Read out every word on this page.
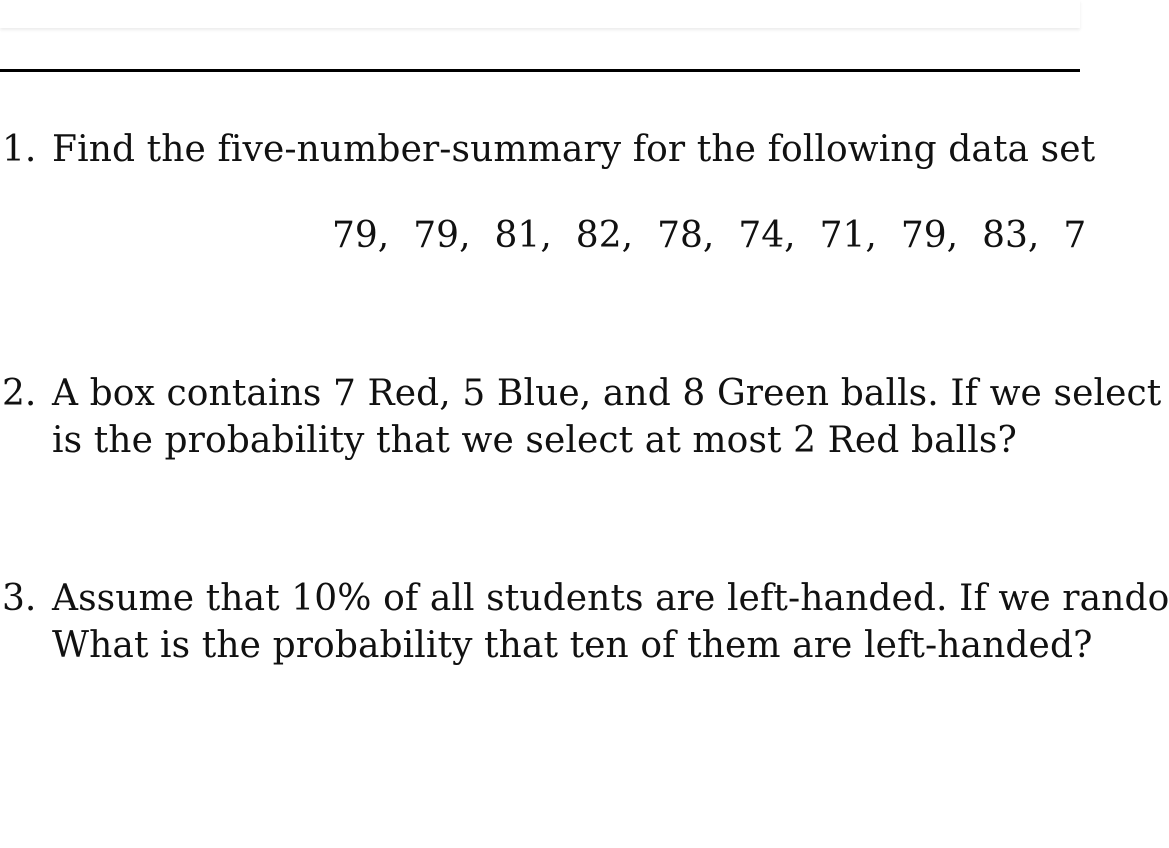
1. Find the five-number-summary for the following data set
79, 79, 81, 82, 78, 74, 71, 79, 83, 7
2. A box contains 7 Red, 5 Blue, and 8 Green balls. If we select
is the probability that we select at most 2 Red balls?
3. Assume that 10% of all students are left-handed. If we rando
What is the probability that ten of them are left-handed?
